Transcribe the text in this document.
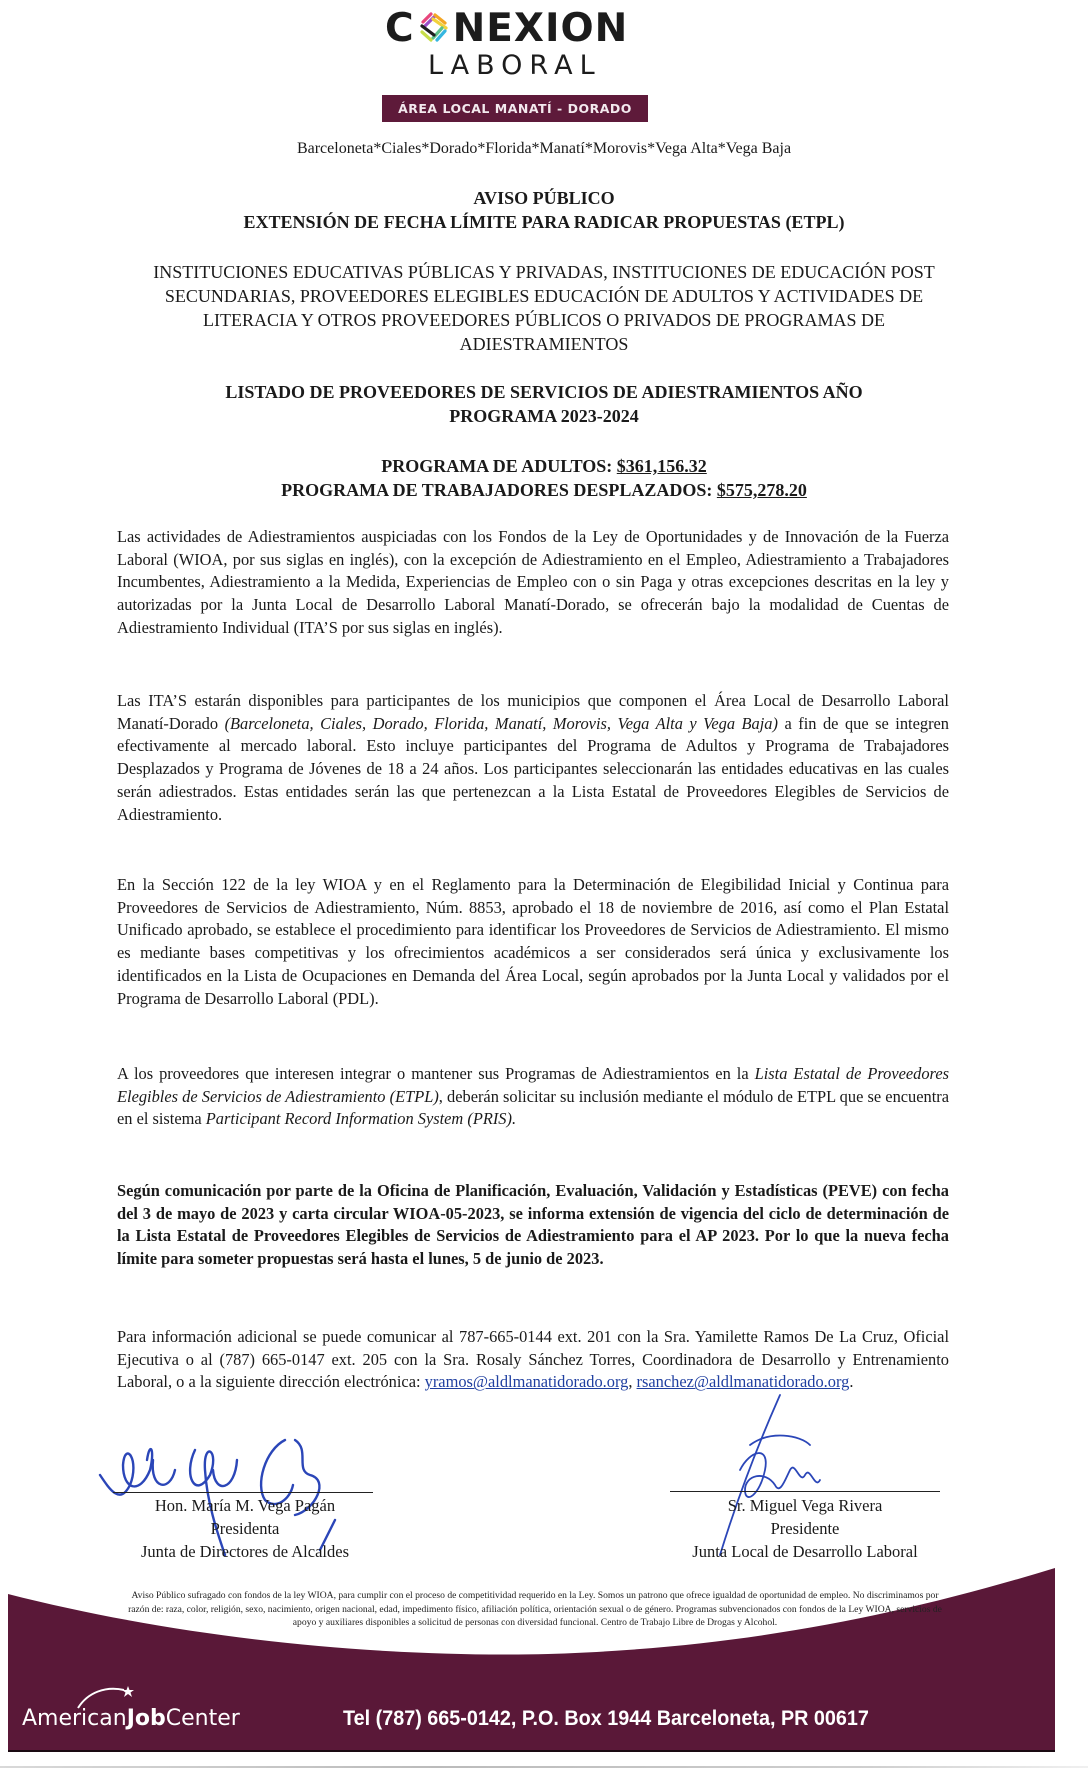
C NEXION
LABORAL
ÁREA LOCAL MANATÍ - DORADO
Barceloneta*Ciales*Dorado*Florida*Manatí*Morovis*Vega Alta*Vega Baja
AVISO PÚBLICO
EXTENSIÓN DE FECHA LÍMITE PARA RADICAR PROPUESTAS (ETPL)
INSTITUCIONES EDUCATIVAS PÚBLICAS Y PRIVADAS, INSTITUCIONES DE EDUCACIÓN POST SECUNDARIAS, PROVEEDORES ELEGIBLES EDUCACIÓN DE ADULTOS Y ACTIVIDADES DE LITERACIA Y OTROS PROVEEDORES PÚBLICOS O PRIVADOS DE PROGRAMAS DE ADIESTRAMIENTOS
LISTADO DE PROVEEDORES DE SERVICIOS DE ADIESTRAMIENTOS AÑO
PROGRAMA 2023-2024
PROGRAMA DE ADULTOS: $361,156.32
PROGRAMA DE TRABAJADORES DESPLAZADOS: $575,278.20
Las actividades de Adiestramientos auspiciadas con los Fondos de la Ley de Oportunidades y de Innovación de la Fuerza Laboral (WIOA, por sus siglas en inglés), con la excepción de Adiestramiento en el Empleo, Adiestramiento a Trabajadores Incumbentes, Adiestramiento a la Medida, Experiencias de Empleo con o sin Paga y otras excepciones descritas en la ley y autorizadas por la Junta Local de Desarrollo Laboral Manatí-Dorado, se ofrecerán bajo la modalidad de Cuentas de Adiestramiento Individual (ITA’S por sus siglas en inglés).
Las ITA’S estarán disponibles para participantes de los municipios que componen el Área Local de Desarrollo Laboral Manatí-Dorado (Barceloneta, Ciales, Dorado, Florida, Manatí, Morovis, Vega Alta y Vega Baja) a fin de que se integren efectivamente al mercado laboral. Esto incluye participantes del Programa de Adultos y Programa de Trabajadores Desplazados y Programa de Jóvenes de 18 a 24 años. Los participantes seleccionarán las entidades educativas en las cuales serán adiestrados. Estas entidades serán las que pertenezcan a la Lista Estatal de Proveedores Elegibles de Servicios de Adiestramiento.
En la Sección 122 de la ley WIOA y en el Reglamento para la Determinación de Elegibilidad Inicial y Continua para Proveedores de Servicios de Adiestramiento, Núm. 8853, aprobado el 18 de noviembre de 2016, así como el Plan Estatal Unificado aprobado, se establece el procedimiento para identificar los Proveedores de Servicios de Adiestramiento. El mismo es mediante bases competitivas y los ofrecimientos académicos a ser considerados será única y exclusivamente los identificados en la Lista de Ocupaciones en Demanda del Área Local, según aprobados por la Junta Local y validados por el Programa de Desarrollo Laboral (PDL).
A los proveedores que interesen integrar o mantener sus Programas de Adiestramientos en la Lista Estatal de Proveedores Elegibles de Servicios de Adiestramiento (ETPL), deberán solicitar su inclusión mediante el módulo de ETPL que se encuentra en el sistema Participant Record Information System (PRIS).
Según comunicación por parte de la Oficina de Planificación, Evaluación, Validación y Estadísticas (PEVE) con fecha del 3 de mayo de 2023 y carta circular WIOA-05-2023, se informa extensión de vigencia del ciclo de determinación de la Lista Estatal de Proveedores Elegibles de Servicios de Adiestramiento para el AP 2023. Por lo que la nueva fecha límite para someter propuestas será hasta el lunes, 5 de junio de 2023.
Para información adicional se puede comunicar al 787-665-0144 ext. 201 con la Sra. Yamilette Ramos De La Cruz, Oficial Ejecutiva o al (787) 665-0147 ext. 205 con la Sra. Rosaly Sánchez Torres, Coordinadora de Desarrollo y Entrenamiento Laboral, o a la siguiente dirección electrónica: yramos@aldlmanatidorado.org, rsanchez@aldlmanatidorado.org.
Hon. María M. Vega Pagán
Presidenta
Junta de Directores de Alcaldes
Sr. Miguel Vega Rivera
Presidente
Junta Local de Desarrollo Laboral
Aviso Público sufragado con fondos de la ley WIOA, para cumplir con el proceso de competitividad requerido en la Ley. Somos un patrono que ofrece igualdad de oportunidad de empleo. No discriminamos por razón de: raza, color, religión, sexo, nacimiento, origen nacional, edad, impedimento físico, afiliación política, orientación sexual o de género. Programas subvencionados con fondos de la Ley WIOA, servicios de apoyo y auxiliares disponibles a solicitud de personas con diversidad funcional. Centro de Trabajo Libre de Drogas y Alcohol.
AmericanJobCenter	Tel (787) 665-0142, P.O. Box 1944 Barceloneta, PR 00617
